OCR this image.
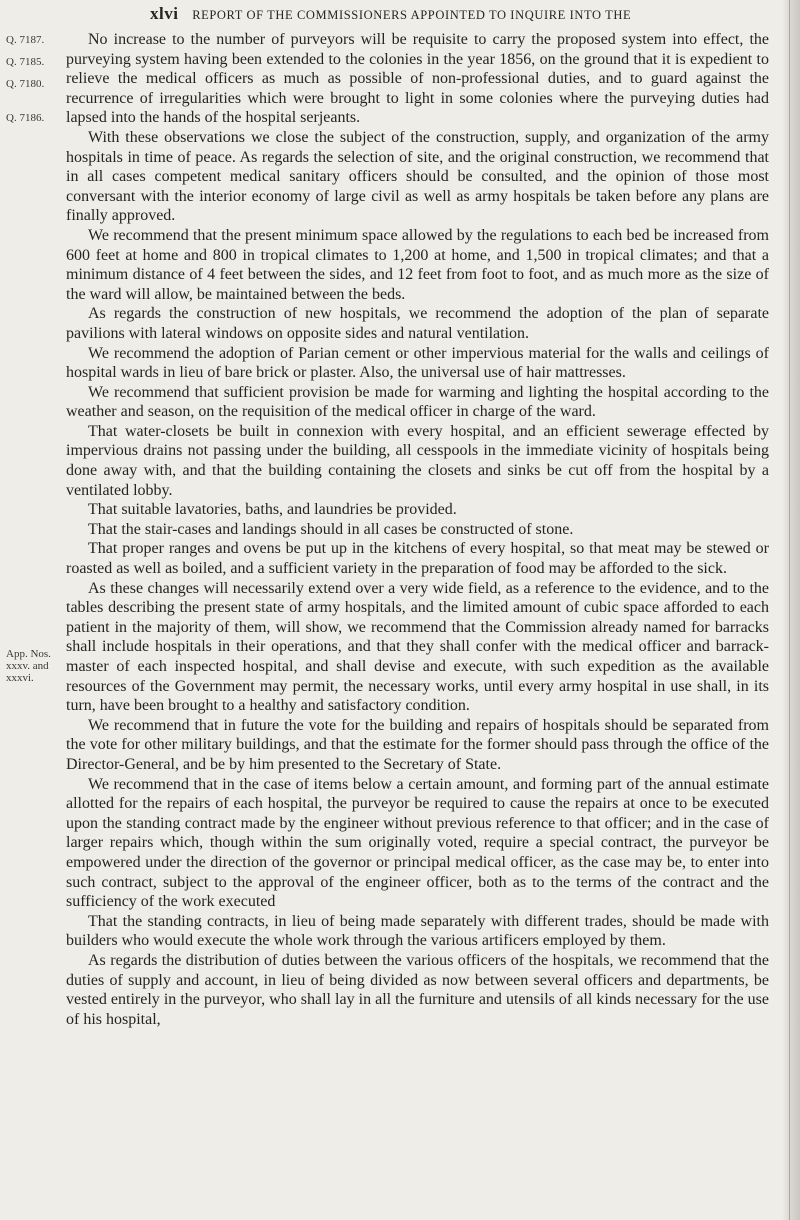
xlvi REPORT OF THE COMMISSIONERS APPOINTED TO INQUIRE INTO THE
Q. 7187.
Q. 7185.
Q. 7180.
Q. 7186.
App. Nos.
xxxv. and
xxxvi.

No increase to the number of purveyors will be requisite to carry the proposed system into effect, the purveying system having been extended to the colonies in the year 1856, on the ground that it is expedient to relieve the medical officers as much as possible of non-professional duties, and to guard against the recurrence of irregularities which were brought to light in some colonies where the purveying duties had lapsed into the hands of the hospital serjeants.

With these observations we close the subject of the construction, supply, and organization of the army hospitals in time of peace. As regards the selection of site, and the original construction, we recommend that in all cases competent medical sanitary officers should be consulted, and the opinion of those most conversant with the interior economy of large civil as well as army hospitals be taken before any plans are finally approved.

We recommend that the present minimum space allowed by the regulations to each bed be increased from 600 feet at home and 800 in tropical climates to 1,200 at home, and 1,500 in tropical climates; and that a minimum distance of 4 feet between the sides, and 12 feet from foot to foot, and as much more as the size of the ward will allow, be maintained between the beds.

As regards the construction of new hospitals, we recommend the adoption of the plan of separate pavilions with lateral windows on opposite sides and natural ventilation.

We recommend the adoption of Parian cement or other impervious material for the walls and ceilings of hospital wards in lieu of bare brick or plaster. Also, the universal use of hair mattresses.

We recommend that sufficient provision be made for warming and lighting the hospital according to the weather and season, on the requisition of the medical officer in charge of the ward.

That water-closets be built in connexion with every hospital, and an efficient sewerage effected by impervious drains not passing under the building, all cesspools in the immediate vicinity of hospitals being done away with, and that the building containing the closets and sinks be cut off from the hospital by a ventilated lobby.

That suitable lavatories, baths, and laundries be provided.

That the stair-cases and landings should in all cases be constructed of stone.

That proper ranges and ovens be put up in the kitchens of every hospital, so that meat may be stewed or roasted as well as boiled, and a sufficient variety in the preparation of food may be afforded to the sick.

As these changes will necessarily extend over a very wide field, as a reference to the evidence, and to the tables describing the present state of army hospitals, and the limited amount of cubic space afforded to each patient in the majority of them, will show, we recommend that the Commission already named for barracks shall include hospitals in their operations, and that they shall confer with the medical officer and barrack-master of each inspected hospital, and shall devise and execute, with such expedition as the available resources of the Government may permit, the necessary works, until every army hospital in use shall, in its turn, have been brought to a healthy and satisfactory condition.

We recommend that in future the vote for the building and repairs of hospitals should be separated from the vote for other military buildings, and that the estimate for the former should pass through the office of the Director-General, and be by him presented to the Secretary of State.

We recommend that in the case of items below a certain amount, and forming part of the annual estimate allotted for the repairs of each hospital, the purveyor be required to cause the repairs at once to be executed upon the standing contract made by the engineer without previous reference to that officer; and in the case of larger repairs which, though within the sum originally voted, require a special contract, the purveyor be empowered under the direction of the governor or principal medical officer, as the case may be, to enter into such contract, subject to the approval of the engineer officer, both as to the terms of the contract and the sufficiency of the work executed

That the standing contracts, in lieu of being made separately with different trades, should be made with builders who would execute the whole work through the various artificers employed by them.

As regards the distribution of duties between the various officers of the hospitals, we recommend that the duties of supply and account, in lieu of being divided as now between several officers and departments, be vested entirely in the purveyor, who shall lay in all the furniture and utensils of all kinds necessary for the use of his hospital,
